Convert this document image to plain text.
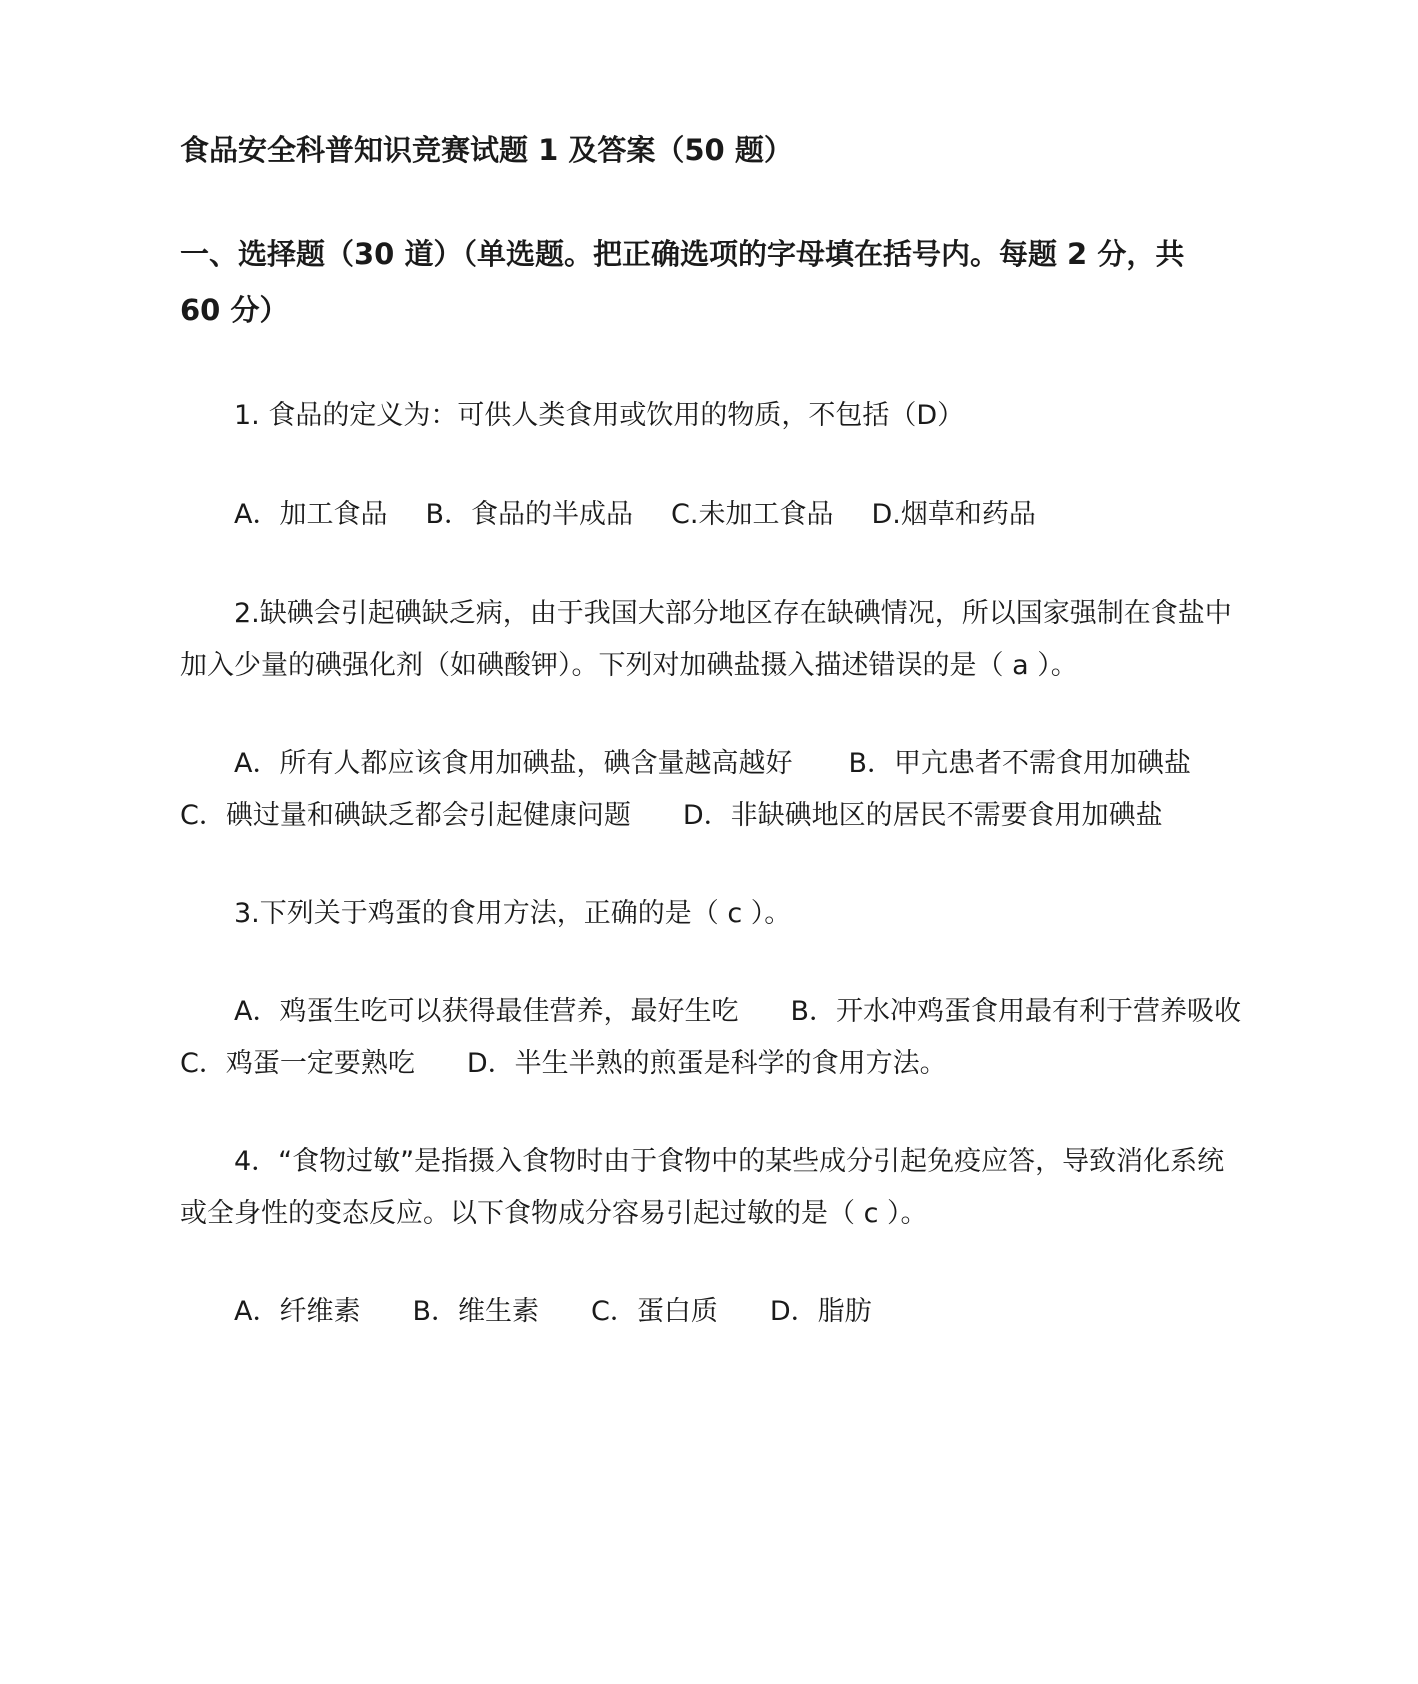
食品安全科普知识竞赛试题 1 及答案（50 题）
一、选择题（30 道）（单选题。把正确选项的字母填在括号内。每题 2 分，共
60 分）
1. 食品的定义为：可供人类食用或饮用的物质，不包括（D）
A．加工食品 B．食品的半成品 C.未加工食品 D.烟草和药品
2.缺碘会引起碘缺乏病，由于我国大部分地区存在缺碘情况，所以国家强制在食盐中
加入少量的碘强化剂（如碘酸钾）。下列对加碘盐摄入描述错误的是（ a ）。
A．所有人都应该食用加碘盐，碘含量越高越好 B．甲亢患者不需食用加碘盐
C．碘过量和碘缺乏都会引起健康问题 D．非缺碘地区的居民不需要食用加碘盐
3.下列关于鸡蛋的食用方法，正确的是（ c ）。
A．鸡蛋生吃可以获得最佳营养，最好生吃 B．开水冲鸡蛋食用最有利于营养吸收
C．鸡蛋一定要熟吃 D．半生半熟的煎蛋是科学的食用方法。
4．“食物过敏”是指摄入食物时由于食物中的某些成分引起免疫应答，导致消化系统
或全身性的变态反应。以下食物成分容易引起过敏的是（ c ）。
A．纤维素 B．维生素 C．蛋白质 D．脂肪
